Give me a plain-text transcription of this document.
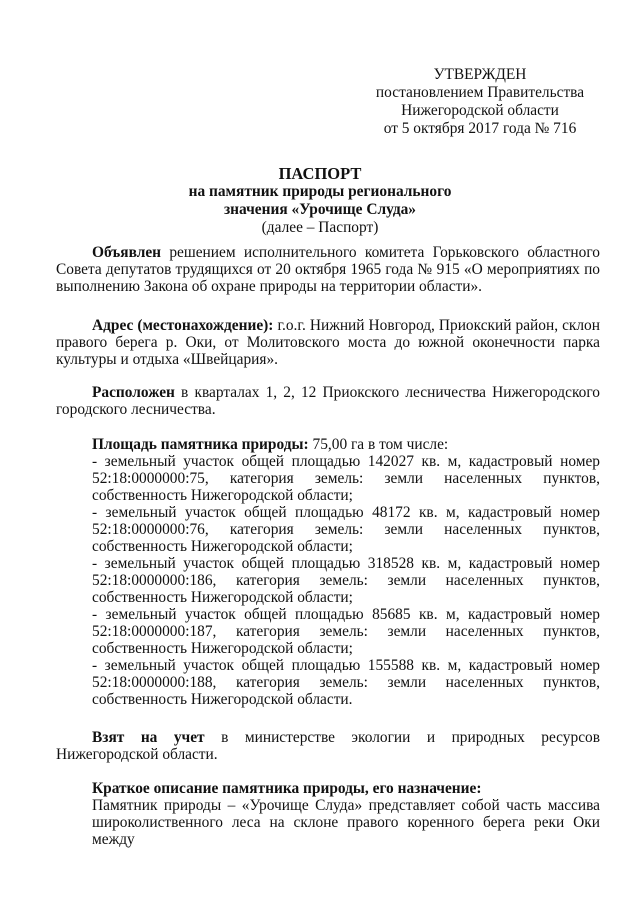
УТВЕРЖДЕН
постановлением Правительства
Нижегородской области
от 5 октября 2017 года № 716
ПАСПОРТ
на памятник природы регионального
значения «Урочище Слуда»
(далее – Паспорт)
Объявлен решением исполнительного комитета Горьковского областного Совета депутатов трудящихся от 20 октября 1965 года № 915 «О мероприятиях по выполнению Закона об охране природы на территории области».
Адрес (местонахождение): г.о.г. Нижний Новгород, Приокский район, склон правого берега р. Оки, от Молитовского моста до южной оконечности парка культуры и отдыха «Швейцария».
Расположен в кварталах 1, 2, 12 Приокского лесничества Нижегородского городского лесничества.
Площадь памятника природы: 75,00 га в том числе:
- земельный участок общей площадью 142027 кв. м, кадастровый номер 52:18:0000000:75, категория земель: земли населенных пунктов, собственность Нижегородской области;
- земельный участок общей площадью 48172 кв. м, кадастровый номер 52:18:0000000:76, категория земель: земли населенных пунктов, собственность Нижегородской области;
- земельный участок общей площадью 318528 кв. м, кадастровый номер 52:18:0000000:186, категория земель: земли населенных пунктов, собственность Нижегородской области;
- земельный участок общей площадью 85685 кв. м, кадастровый номер 52:18:0000000:187, категория земель: земли населенных пунктов, собственность Нижегородской области;
- земельный участок общей площадью 155588 кв. м, кадастровый номер 52:18:0000000:188, категория земель: земли населенных пунктов, собственность Нижегородской области.
Взят на учет в министерстве экологии и природных ресурсов Нижегородской области.
Краткое описание памятника природы, его назначение:
Памятник природы – «Урочище Слуда» представляет собой часть массива широколиственного леса на склоне правого коренного берега реки Оки между
